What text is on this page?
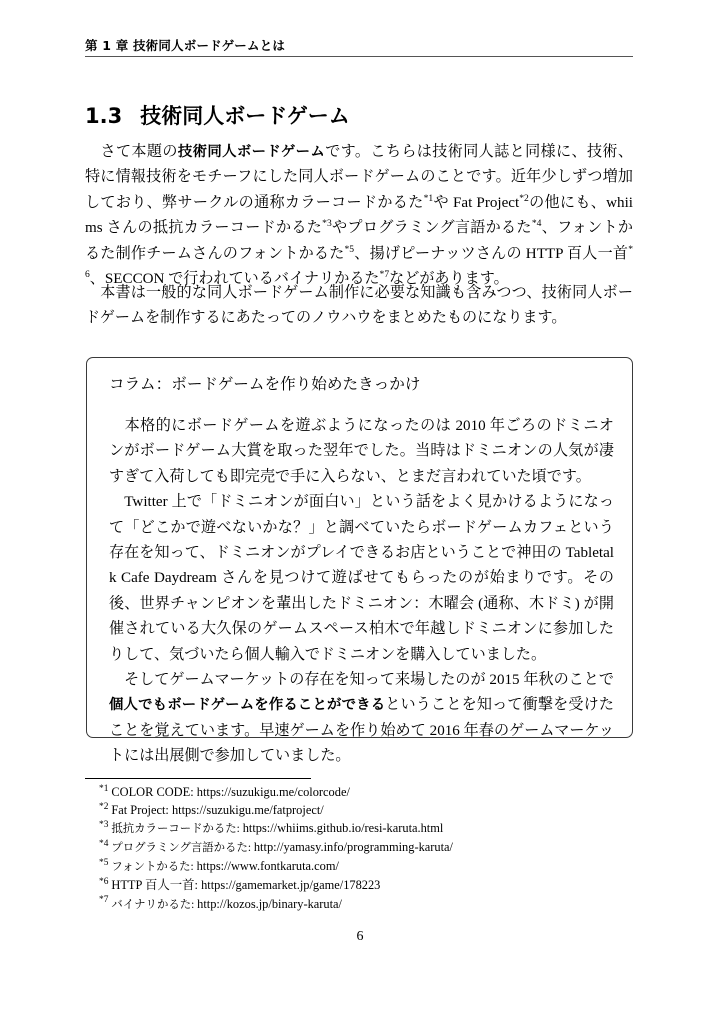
第 1 章 技術同人ボードゲームとは
1.3 技術同人ボードゲーム
　さて本題の技術同人ボードゲームです。こちらは技術同人誌と同様に、技術、特に情報技術をモチーフにした同人ボードゲームのことです。近年少しずつ増加しており、弊サークルの通称カラーコードかるた$^{*1}$や Fat Project$^{*2}$の他にも、whiims さんの抵抗カラーコードかるた$^{*3}$やプログラミング言語かるた$^{*4}$、フォントかるた制作チームさんのフォントかるた$^{*5}$、揚げピーナッツさんの HTTP 百人一首$^{*6}$、SECCON で行われているバイナリかるた$^{*7}$などがあります。
　本書は一般的な同人ボードゲーム制作に必要な知識も含みつつ、技術同人ボードゲームを制作するにあたってのノウハウをまとめたものになります。
コラム：ボードゲームを作り始めたきっかけ
　本格的にボードゲームを遊ぶようになったのは 2010 年ごろのドミニオンがボードゲーム大賞を取った翌年でした。当時はドミニオンの人気が凄すぎて入荷しても即完売で手に入らない、とまだ言われていた頃です。
　Twitter 上で「ドミニオンが面白い」という話をよく見かけるようになって「どこかで遊べないかな？」と調べていたらボードゲームカフェという存在を知って、ドミニオンがプレイできるお店ということで神田の Tabletalk Cafe Daydream さんを見つけて遊ばせてもらったのが始まりです。その後、世界チャンピオンを輩出したドミニオン：木曜会 (通称、木ドミ) が開催されている大久保のゲームスペース柏木で年越しドミニオンに参加したりして、気づいたら個人輸入でドミニオンを購入していました。
　そしてゲームマーケットの存在を知って来場したのが 2015 年秋のことで個人でもボードゲームを作ることができるということを知って衝撃を受けたことを覚えています。早速ゲームを作り始めて 2016 年春のゲームマーケットには出展側で参加していました。
$^{*1}$ COLOR CODE: https://suzukigu.me/colorcode/
$^{*2}$ Fat Project: https://suzukigu.me/fatproject/
$^{*3}$ 抵抗カラーコードかるた: https://whiims.github.io/resi-karuta.html
$^{*4}$ プログラミング言語かるた: http://yamasy.info/programming-karuta/
$^{*5}$ フォントかるた: https://www.fontkaruta.com/
$^{*6}$ HTTP 百人一首: https://gamemarket.jp/game/178223
$^{*7}$ バイナリかるた: http://kozos.jp/binary-karuta/
6
